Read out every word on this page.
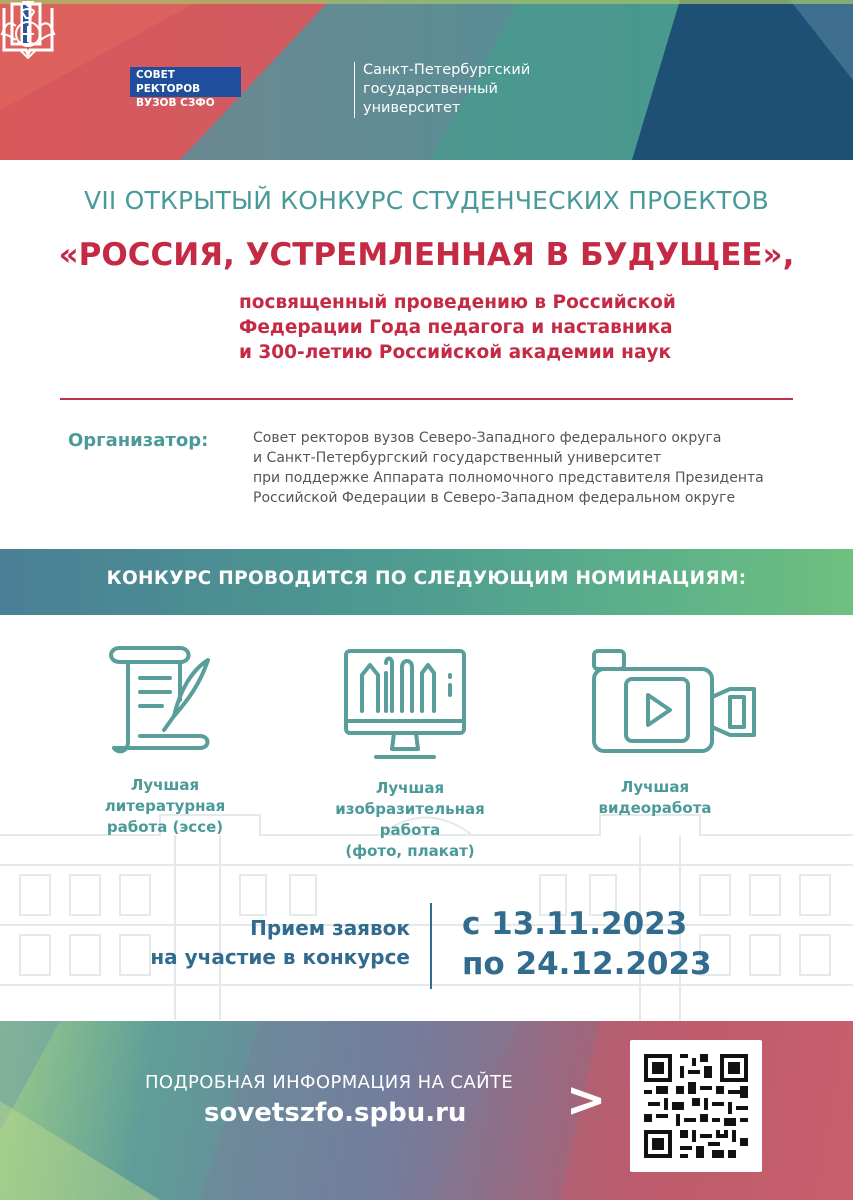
СОВЕТ РЕКТОРОВ
ВУЗОВ СЗФО
Санкт-Петербургский
государственный
университет
VII ОТКРЫТЫЙ КОНКУРС СТУДЕНЧЕСКИХ ПРОЕКТОВ
«РОССИЯ, УСТРЕМЛЕННАЯ В БУДУЩЕЕ»,
посвященный проведению в Российской
Федерации Года педагога и наставника
и 300-летию Российской академии наук
Организатор:	Совет ректоров вузов Северо-Западного федерального округа
и Санкт-Петербургский государственный университет
при поддержке Аппарата полномочного представителя Президента
Российской Федерации в Северо-Западном федеральном округе
КОНКУРС ПРОВОДИТСЯ ПО СЛЕДУЮЩИМ НОМИНАЦИЯМ:
Лучшая
литературная
работа (эссе)
Лучшая
изобразительная
работа
(фото, плакат)
Лучшая
видеоработа
Прием заявок
на участие в конкурсе
с 13.11.2023
по 24.12.2023
ПОДРОБНАЯ ИНФОРМАЦИЯ НА САЙТЕ
sovetszfo.spbu.ru >
